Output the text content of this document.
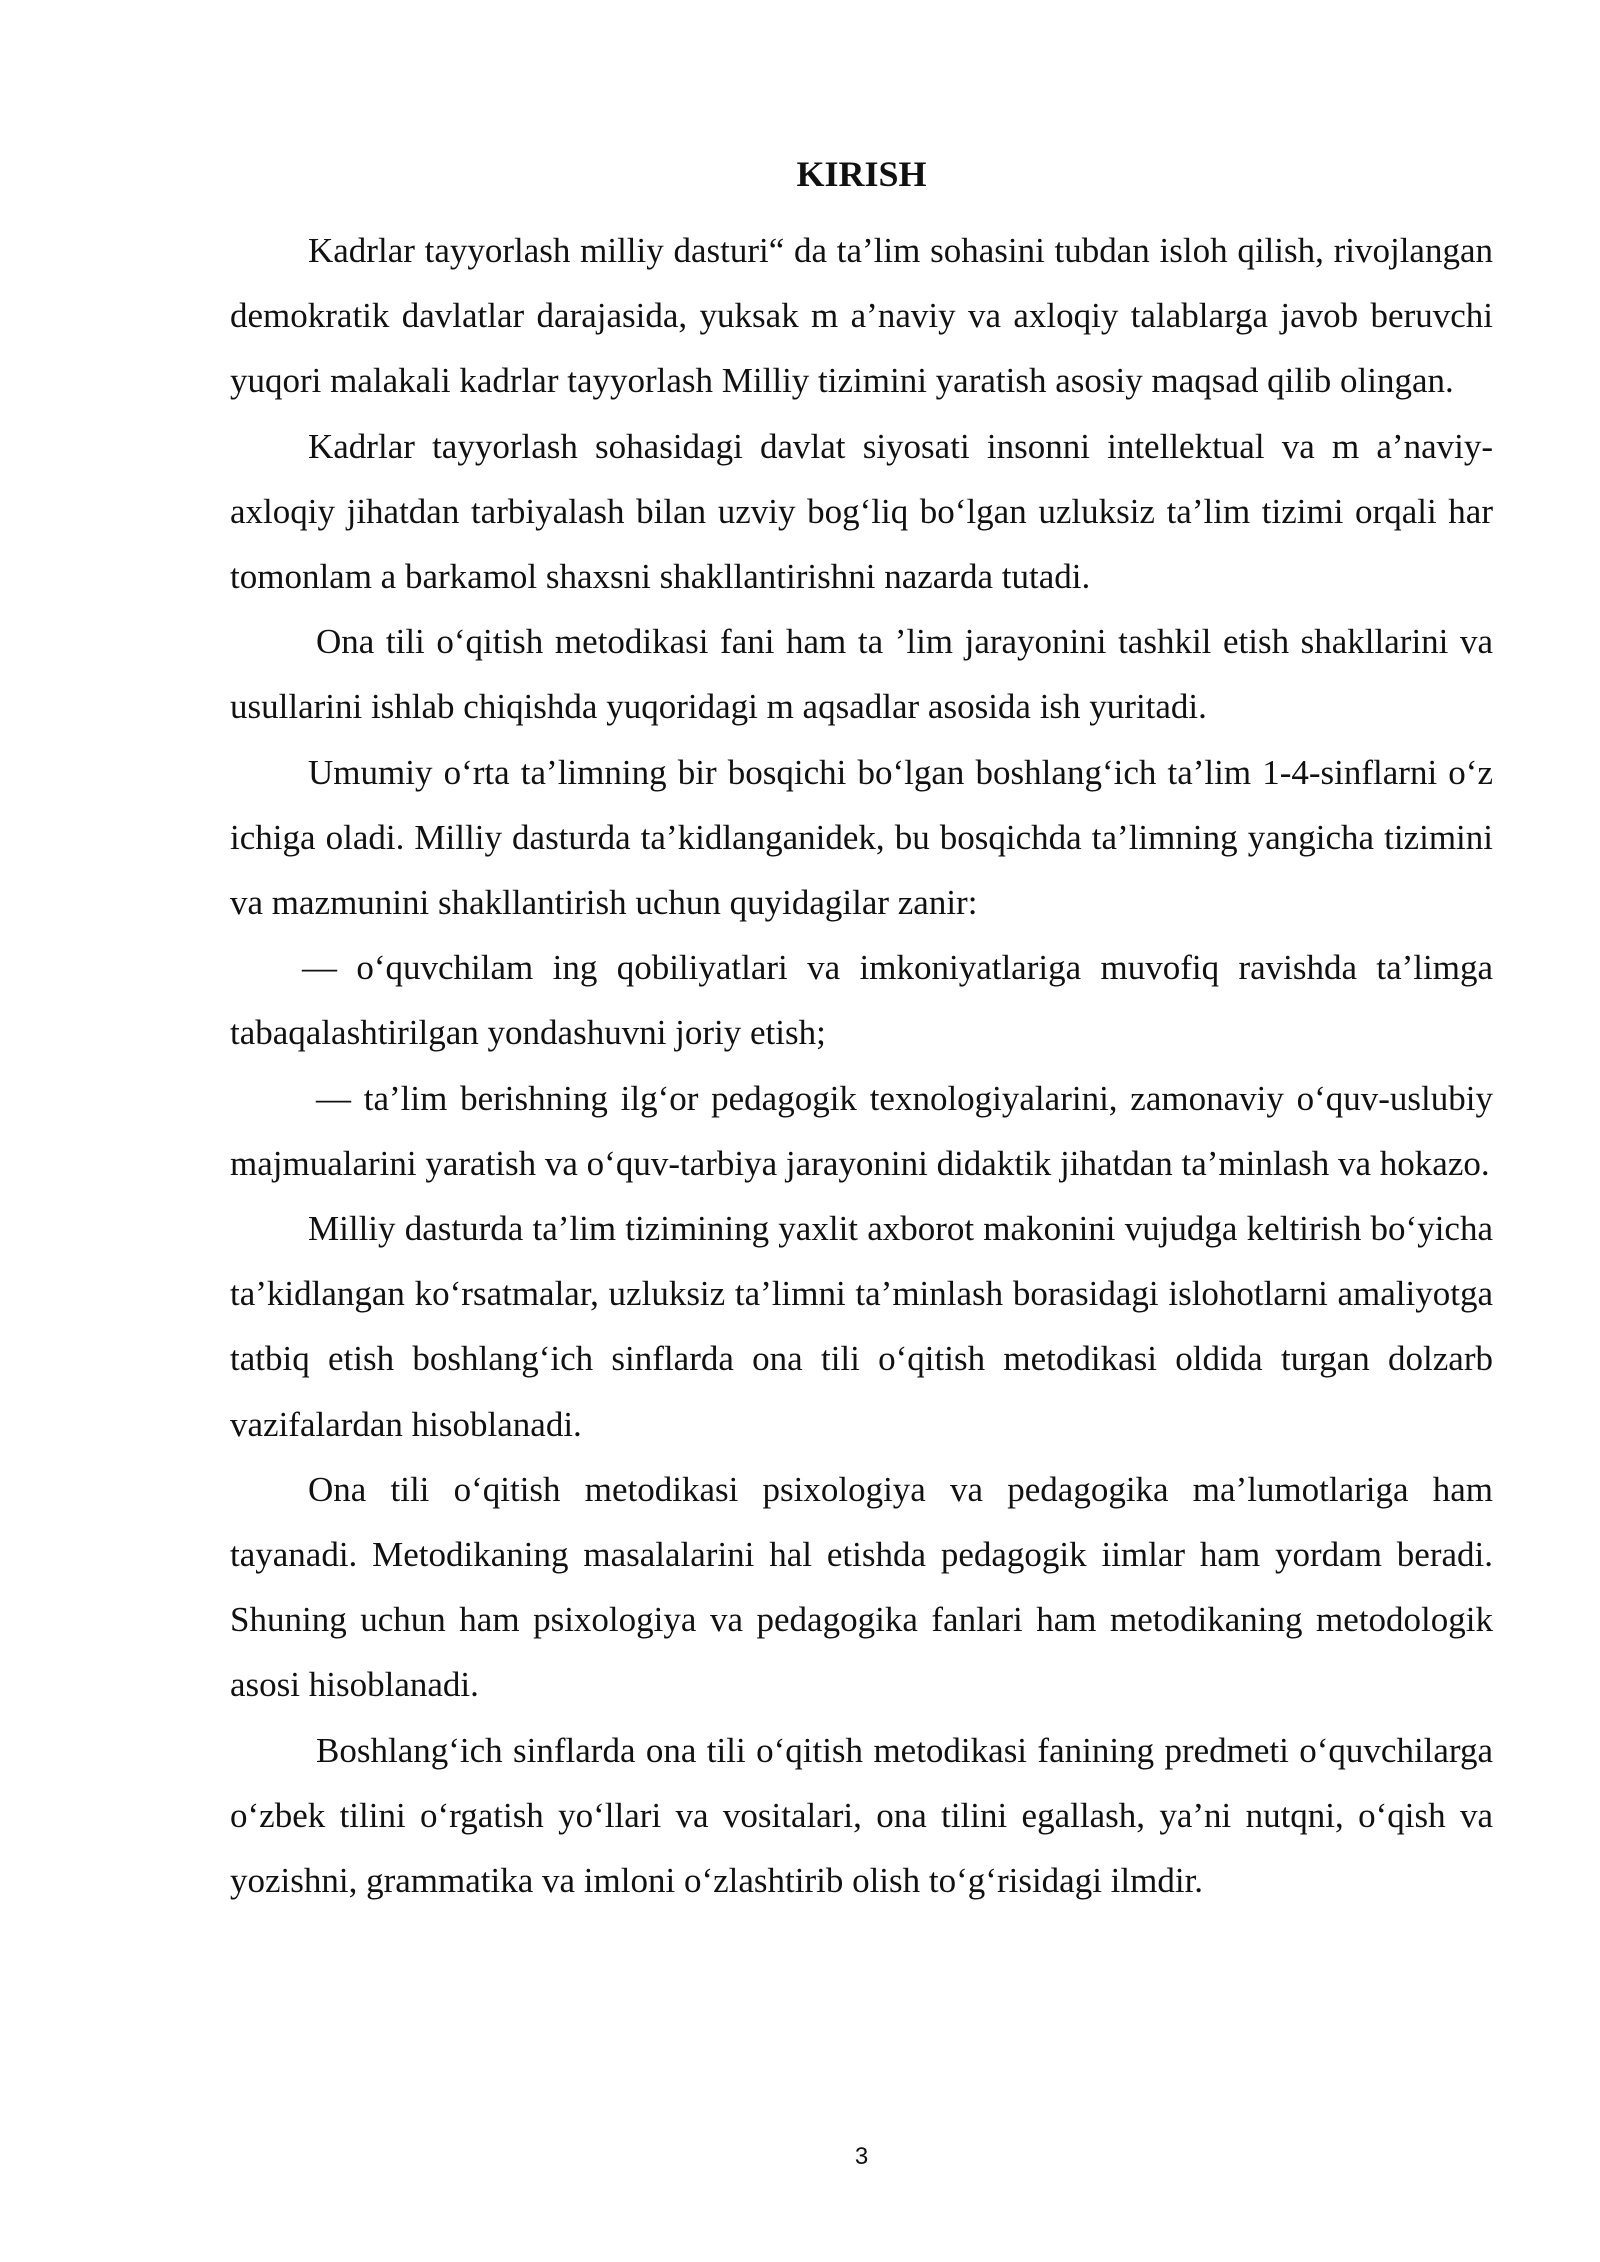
KIRISH

Kadrlar tayyorlash milliy dasturi“ da ta’lim sohasini tubdan isloh qilish, rivojlangan demokratik davlatlar darajasida, yuksak m a’naviy va axloqiy talablarga javob beruvchi yuqori malakali kadrlar tayyorlash Milliy tizimini yaratish asosiy maqsad qilib olingan.

Kadrlar tayyorlash sohasidagi davlat siyosati insonni intellektual va m a’naviy-axloqiy jihatdan tarbiyalash bilan uzviy bog‘liq bo‘lgan uzluksiz ta’lim tizimi orqali har tomonlam a barkamol shaxsni shakllantirishni nazarda tutadi.

Ona tili o‘qitish metodikasi fani ham ta ’lim jarayonini tashkil etish shakllarini va usullarini ishlab chiqishda yuqoridagi m aqsadlar asosida ish yuritadi.

Umumiy o‘rta ta’limning bir bosqichi bo‘lgan boshlang‘ich ta’lim 1-4-sinflarni o‘z ichiga oladi. Milliy dasturda ta’kidlanganidek, bu bosqichda ta’limning yangicha tizimini va mazmunini shakllantirish uchun quyidagilar zanir:

— o‘quvchilam ing qobiliyatlari va imkoniyatlariga muvofiq ravishda ta’limga tabaqalashtirilgan yondashuvni joriy etish;

— ta’lim berishning ilg‘or pedagogik texnologiyalarini, zamonaviy o‘quv-uslubiy majmualarini yaratish va o‘quv-tarbiya jarayonini didaktik jihatdan ta’minlash va hokazo.

Milliy dasturda ta’lim tizimining yaxlit axborot makonini vujudga keltirish bo‘yicha ta’kidlangan ko‘rsatmalar, uzluksiz ta’limni ta’minlash borasidagi islohotlarni amaliyotga tatbiq etish boshlang‘ich sinflarda ona tili o‘qitish metodikasi oldida turgan dolzarb vazifalardan hisoblanadi.

Ona tili o‘qitish metodikasi psixologiya va pedagogika ma’lumotlariga ham tayanadi. Metodikaning masalalarini hal etishda pedagogik iimlar ham yordam beradi. Shuning uchun ham psixologiya va pedagogika fanlari ham metodikaning metodologik asosi hisoblanadi.

Boshlang‘ich sinflarda ona tili o‘qitish metodikasi fanining predmeti o‘quvchilarga o‘zbek tilini o‘rgatish yo‘llari va vositalari, ona tilini egallash, ya’ni nutqni, o‘qish va yozishni, grammatika va imloni o‘zlashtirib olish to‘g‘risidagi ilmdir.

3
